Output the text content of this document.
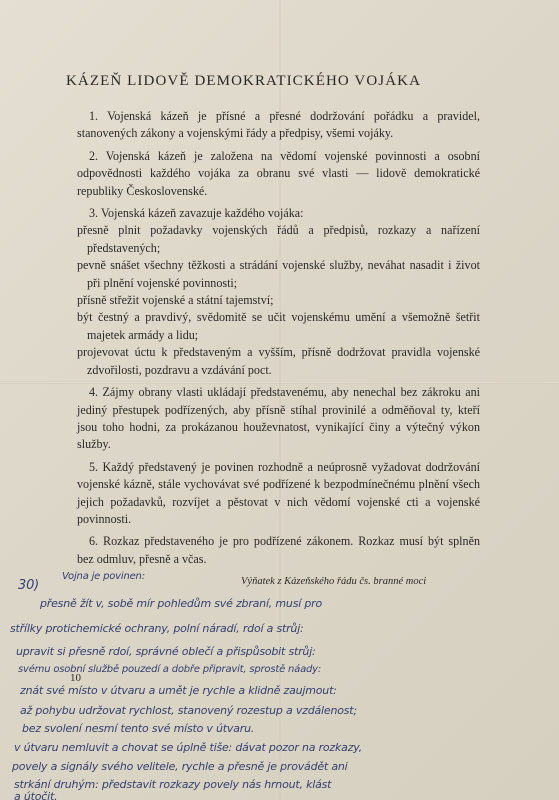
KÁZEŇ LIDOVĚ DEMOKRATICKÉHO VOJÁKA

1. Vojenská kázeň je přísné a přesné dodržování pořádku a pravidel, stanovených zákony a vojenskými řády a předpisy, všemi vojáky.

2. Vojenská kázeň je založena na vědomí vojenské povinnosti a osobní odpovědnosti každého vojáka za obranu své vlasti — lidově demokratické republiky Československé.

3. Vojenská kázeň zavazuje každého vojáka:

přesně plnit požadavky vojenských řádů a předpisů, rozkazy a nařízení představených;

pevně snášet všechny těžkosti a strádání vojenské služby, neváhat nasadit i život při plnění vojenské povinnosti;

přísně střežit vojenské a státní tajemství;

být čestný a pravdivý, svědomitě se učit vojenskému umění a všemožně šetřit majetek armády a lidu;

projevovat úctu k představeným a vyšším, přísně dodržovat pravidla vojenské zdvořilosti, pozdravu a vzdávání poct.

4. Zájmy obrany vlasti ukládají představenému, aby nenechal bez zákroku ani jediný přestupek podřízených, aby přísně stíhal provinilé a odměňoval ty, kteří jsou toho hodni, za prokázanou houževnatost, vynikající činy a výtečný výkon služby.

5. Každý představený je povinen rozhodně a neúprosně vyžadovat dodržování vojenské kázně, stále vychovávat své podřízené k bezpodmínečnému plnění všech jejich požadavků, rozvíjet a pěstovat v nich vědomí vojenské cti a vojenské povinnosti.

6. Rozkaz představeného je pro podřízené zákonem. Rozkaz musí být splněn bez odmluv, přesně a včas.

Výňatek z Kázeňského řádu čs. branné moci
30)
Vojna je povinen:
přesně žít v, sobě mír pohledům své zbraní, musí pro
střílky protichemické ochrany, polní náradí, rdoí a strůj:
upravit si přesně rdoí, správné oblečí a přispůsobit strůj:
svému osobní službě pouzedí a dobře připravit, sprostě náady:
znát své místo v útvaru a umět je rychle a klidně zaujmout:
až pohybu udržovat rychlost, stanovený rozestup a vzdálenost;
bez svolení nesmí tento své místo v útvaru.
v útvaru nemluvit a chovat se úplně tiše: dávat pozor na rozkazy,
povely a signály svého velitele, rychle a přesně je provádět ani
strkání druhým: představit rozkazy povely nás hrnout, klást
a útočit.
10
